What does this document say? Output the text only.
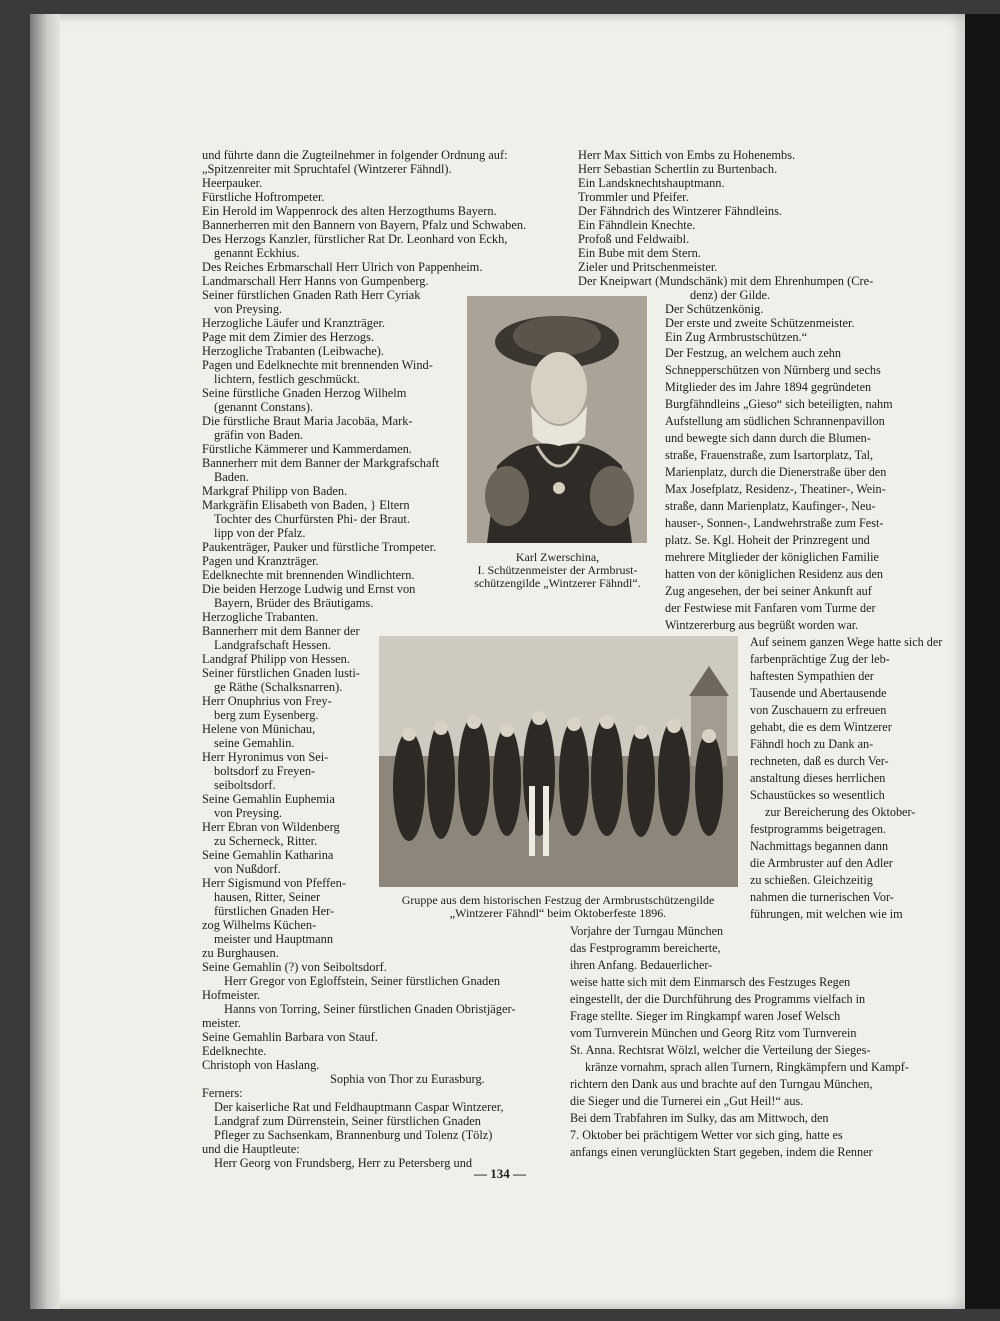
Karl Zwerschina,
I. Schützenmeister der Armbrust-
schützengilde „Wintzerer Fähndl“.
Gruppe aus dem historischen Festzug der Armbrustschützengilde
„Wintzerer Fähndl“ beim Oktoberfeste 1896.
und führte dann die Zugteilnehmer in folgender Ordnung auf:
„Spitzenreiter mit Spruchtafel (Wintzerer Fähndl).
Heerpauker.
Fürstliche Hoftrompeter.
Ein Herold im Wappenrock des alten Herzogthums Bayern.
Bannerherren mit den Bannern von Bayern, Pfalz und Schwaben.
Des Herzogs Kanzler, fürstlicher Rat Dr. Leonhard von Eckh,
genannt Eckhius.
Des Reiches Erbmarschall Herr Ulrich von Pappenheim.
Landmarschall Herr Hanns von Gumpenberg.
Seiner fürstlichen Gnaden Rath Herr Cyriak
von Preysing.
Herzogliche Läufer und Kranzträger.
Page mit dem Zimier des Herzogs.
Herzogliche Trabanten (Leibwache).
Pagen und Edelknechte mit brennenden Wind-
lichtern, festlich geschmückt.
Seine fürstliche Gnaden Herzog Wilhelm
(genannt Constans).
Die fürstliche Braut Maria Jacobäa, Mark-
gräfin von Baden.
Fürstliche Kämmerer und Kammerdamen.
Bannerherr mit dem Banner der Markgrafschaft
Baden.
Markgraf Philipp von Baden.
Markgräfin Elisabeth von Baden, } Eltern
Tochter des Churfürsten Phi- der Braut.
lipp von der Pfalz.
Paukenträger, Pauker und fürstliche Trompeter.
Pagen und Kranzträger.
Edelknechte mit brennenden Windlichtern.
Die beiden Herzoge Ludwig und Ernst von
Bayern, Brüder des Bräutigams.
Herzogliche Trabanten.
Bannerherr mit dem Banner der
Landgrafschaft Hessen.
Landgraf Philipp von Hessen.
Seiner fürstlichen Gnaden lusti-
ge Räthe (Schalksnarren).
Herr Onuphrius von Frey-
berg zum Eysenberg.
Helene von Münichau,
seine Gemahlin.
Herr Hyronimus von Sei-
boltsdorf zu Freyen-
seiboltsdorf.
Seine Gemahlin Euphemia
von Preysing.
Herr Ebran von Wildenberg
zu Scherneck, Ritter.
Seine Gemahlin Katharina
von Nußdorf.
Herr Sigismund von Pfeffen-
hausen, Ritter, Seiner
fürstlichen Gnaden Her-
zog Wilhelms Küchen-
meister und Hauptmann
zu Burghausen.
Seine Gemahlin (?) von Seiboltsdorf.
Herr Gregor von Egloffstein, Seiner fürstlichen Gnaden
Hofmeister.
Hanns von Torring, Seiner fürstlichen Gnaden Obristjäger-
meister.
Seine Gemahlin Barbara von Stauf.
Edelknechte.
Christoph von Haslang.
Sophia von Thor zu Eurasburg.
Ferners:
Der kaiserliche Rat und Feldhauptmann Caspar Wintzerer,
Landgraf zum Dürrenstein, Seiner fürstlichen Gnaden
Pfleger zu Sachsenkam, Brannenburg und Tolenz (Tölz)
und die Hauptleute:
Herr Georg von Frundsberg, Herr zu Petersberg und
Herr Max Sittich von Embs zu Hohenembs.
Herr Sebastian Schertlin zu Burtenbach.
Ein Landsknechtshauptmann.
Trommler und Pfeifer.
Der Fähndrich des Wintzerer Fähndleins.
Ein Fähndlein Knechte.
Profoß und Feldwaibl.
Ein Bube mit dem Stern.
Zieler und Pritschenmeister.
Der Kneipwart (Mundschänk) mit dem Ehrenhumpen (Cre-
denz) der Gilde.
Der Schützenkönig.
Der erste und zweite Schützenmeister.
Ein Zug Armbrustschützen.“
Der Festzug, an welchem auch zehn
Schnepperschützen von Nürnberg und sechs
Mitglieder des im Jahre 1894 gegründeten
Burgfähndleins „Gieso“ sich beteiligten, nahm
Aufstellung am südlichen Schrannenpavillon
und bewegte sich dann durch die Blumen-
straße, Frauenstraße, zum Isartorplatz, Tal,
Marienplatz, durch die Dienerstraße über den
Max Josefplatz, Residenz-, Theatiner-, Wein-
straße, dann Marienplatz, Kaufinger-, Neu-
hauser-, Sonnen-, Landwehrstraße zum Fest-
platz. Se. Kgl. Hoheit der Prinzregent und
mehrere Mitglieder der königlichen Familie
hatten von der königlichen Residenz aus den
Zug angesehen, der bei seiner Ankunft auf
der Festwiese mit Fanfaren vom Turme der
Wintzererburg aus begrüßt worden war.
Auf seinem ganzen Wege hatte sich der
farbenprächtige Zug der leb-
haftesten Sympathien der
Tausende und Abertausende
von Zuschauern zu erfreuen
gehabt, die es dem Wintzerer
Fähndl hoch zu Dank an-
rechneten, daß es durch Ver-
anstaltung dieses herrlichen
Schaustückes so wesentlich
zur Bereicherung des Oktober-
festprogramms beigetragen.
Nachmittags begannen dann
die Armbruster auf den Adler
zu schießen. Gleichzeitig
nahmen die turnerischen Vor-
führungen, mit welchen wie im
Vorjahre der Turngau München
das Festprogramm bereicherte,
ihren Anfang. Bedauerlicher-
weise hatte sich mit dem Einmarsch des Festzuges Regen
eingestellt, der die Durchführung des Programms vielfach in
Frage stellte. Sieger im Ringkampf waren Josef Welsch
vom Turnverein München und Georg Ritz vom Turnverein
St. Anna. Rechtsrat Wölzl, welcher die Verteilung der Sieges-
kränze vornahm, sprach allen Turnern, Ringkämpfern und Kampf-
richtern den Dank aus und brachte auf den Turngau München,
die Sieger und die Turnerei ein „Gut Heil!“ aus.
Bei dem Trabfahren im Sulky, das am Mittwoch, den
7. Oktober bei prächtigem Wetter vor sich ging, hatte es
anfangs einen verunglückten Start gegeben, indem die Renner
— 134 —
